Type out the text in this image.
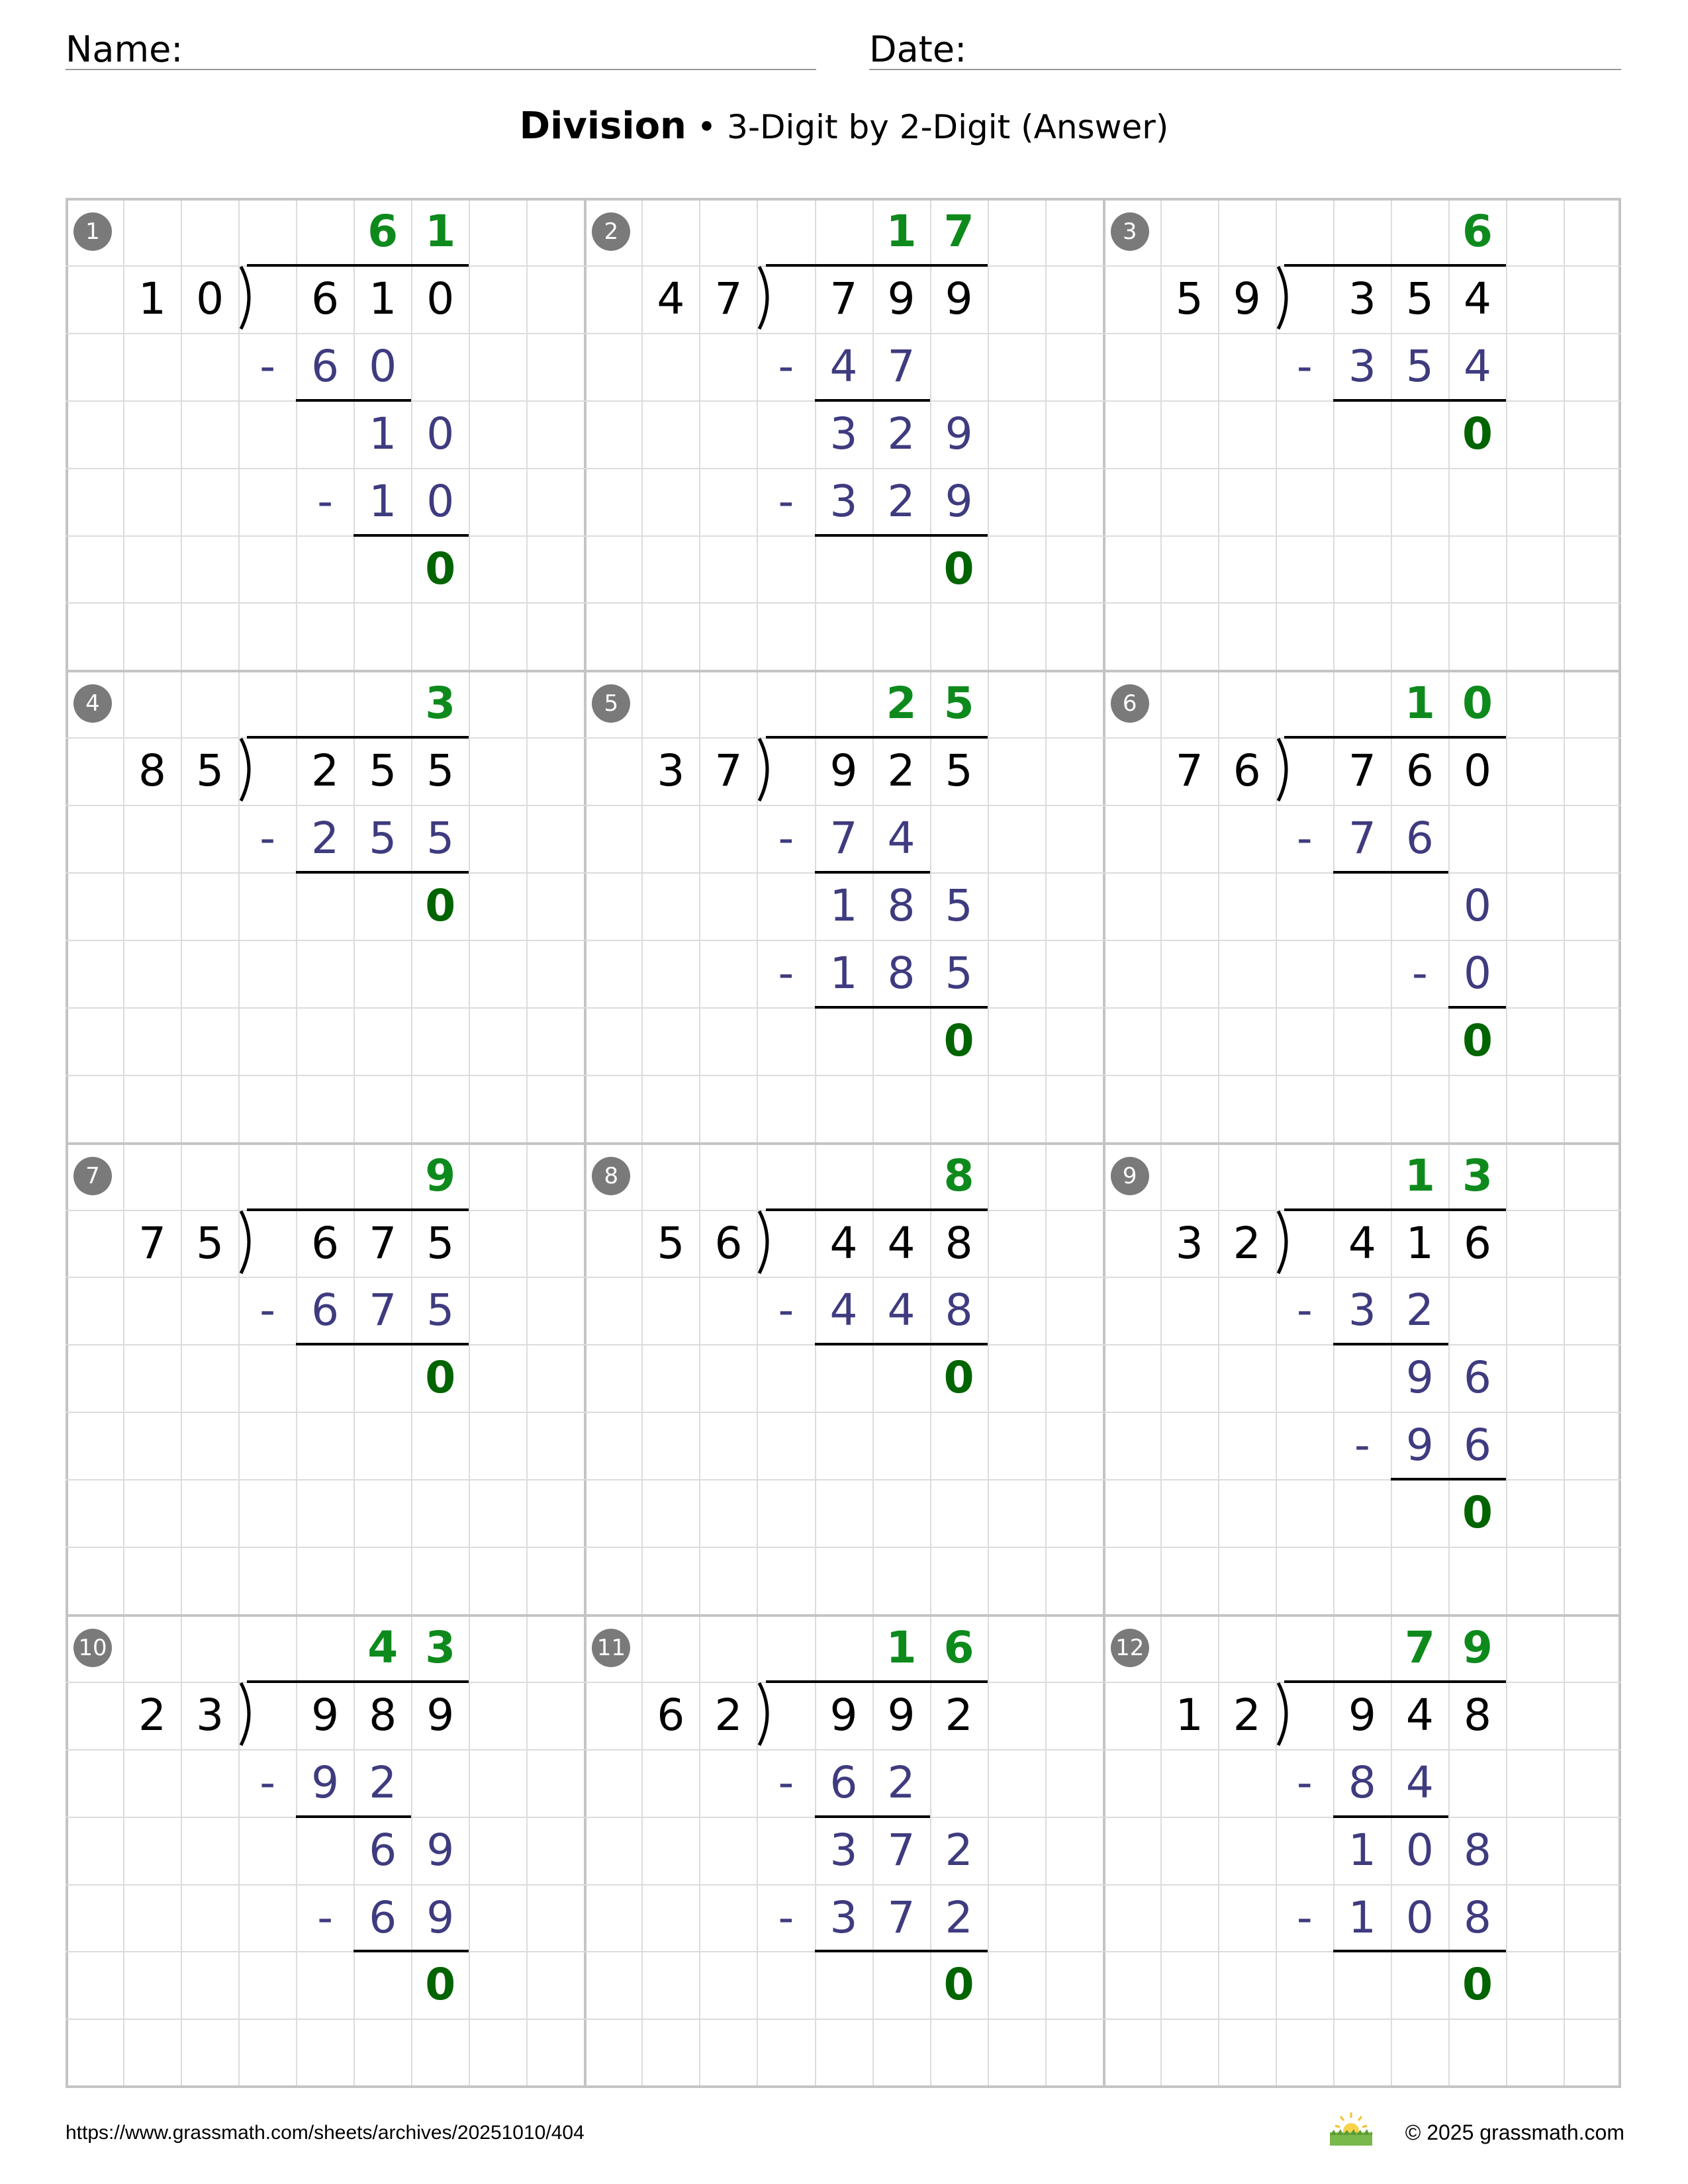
Name:	Date:
Division • 3-Digit by 2-Digit (Answer)
1
1 0	6 1 0
6 1
- 6 0
1 0
- 1 0
0
2
4 7	7 9 9
1 7
- 4 7
3 2 9
- 3 2 9
0
3
5 9	3 5 4
6
- 3 5 4
0
4
8 5	2 5 5
3
- 2 5 5
0
5
3 7	9 2 5
2 5
- 7 4
1 8 5
- 1 8 5
0
6
7 6	7 6 0
1 0
- 7 6
0
- 0
0
7
7 5	6 7 5
9
- 6 7 5
0
8
5 6	4 4 8
8
- 4 4 8
0
9
3 2	4 1 6
1 3
- 3 2
9 6
- 9 6
0
10
2 3	9 8 9
4 3
- 9 2
6 9
- 6 9
0
11
6 2	9 9 2
1 6
- 6 2
3 7 2
- 3 7 2
0
12
1 2	9 4 8
7 9
- 8 4
1 0 8
- 1 0 8
0
https://www.grassmath.com/sheets/archives/20251010/404	© 2025 grassmath.com
